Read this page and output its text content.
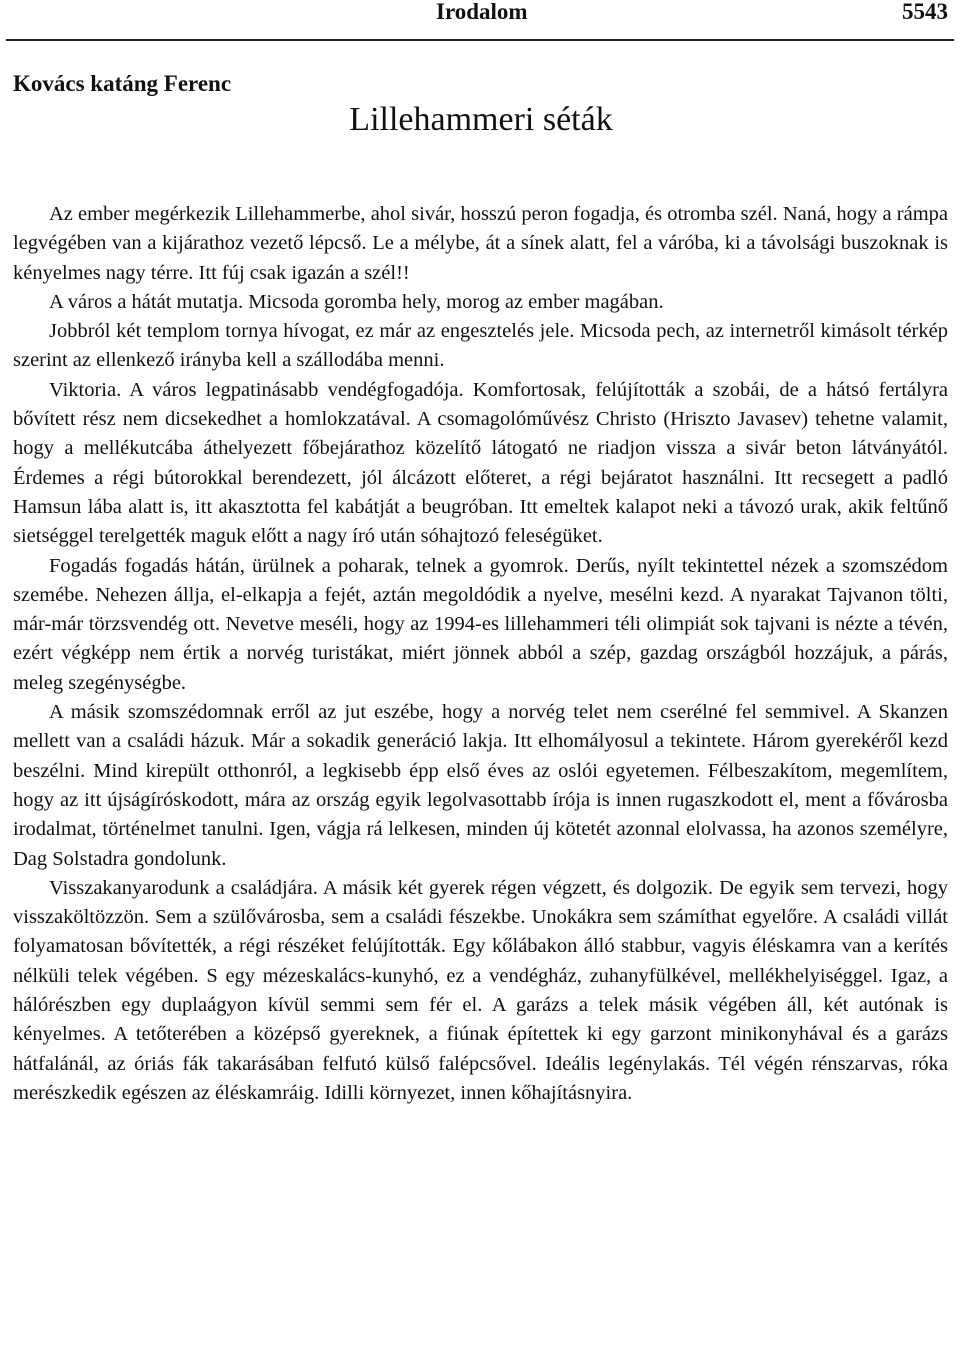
Irodalom	5543
Kovács katáng Ferenc
Lillehammeri séták

Az ember megérkezik Lillehammerbe, ahol sivár, hosszú peron fogadja, és otromba szél. Naná, hogy a rámpa legvégében van a kijárathoz vezető lépcső. Le a mélybe, át a sínek alatt, fel a váróba, ki a távolsági buszoknak is kényelmes nagy térre. Itt fúj csak igazán a szél!!

A város a hátát mutatja. Micsoda goromba hely, morog az ember magában.

Jobbról két templom tornya hívogat, ez már az engesztelés jele. Micsoda pech, az internetről kimásolt térkép szerint az ellenkező irányba kell a szállodába menni.

Viktoria. A város legpatinásabb vendégfogadója. Komfortosak, felújították a szobái, de a hátsó fertályra bővített rész nem dicsekedhet a homlokzatával. A csomagolóművész Christo (Hriszto Javasev) tehetne valamit, hogy a mellékutcába áthelyezett főbejárathoz közelítő látogató ne riadjon vissza a sivár beton látványától. Érdemes a régi bútorokkal berendezett, jól álcázott előteret, a régi bejáratot használni. Itt recsegett a padló Hamsun lába alatt is, itt akasztotta fel kabátját a beugróban. Itt emeltek kalapot neki a távozó urak, akik feltűnő sietséggel terelgették maguk előtt a nagy író után sóhajtozó feleségüket.

Fogadás fogadás hátán, ürülnek a poharak, telnek a gyomrok. Derűs, nyílt tekintettel nézek a szomszédom szemébe. Nehezen állja, el-elkapja a fejét, aztán megoldódik a nyelve, mesélni kezd. A nyarakat Tajvanon tölti, már-már törzsvendég ott. Nevetve meséli, hogy az 1994-es lillehammeri téli olimpiát sok tajvani is nézte a tévén, ezért végképp nem értik a norvég turistákat, miért jönnek abból a szép, gazdag országból hozzájuk, a párás, meleg szegénységbe.

A másik szomszédomnak erről az jut eszébe, hogy a norvég telet nem cserélné fel semmivel. A Skanzen mellett van a családi házuk. Már a sokadik generáció lakja. Itt elhomályosul a tekintete. Három gyerekéről kezd beszélni. Mind kirepült otthonról, a legkisebb épp első éves az oslói egyetemen. Félbeszakítom, megemlítem, hogy az itt újságíróskodott, mára az ország egyik legolvasottabb írója is innen rugaszkodott el, ment a fővárosba irodalmat, történelmet tanulni. Igen, vágja rá lelkesen, minden új kötetét azonnal elolvassa, ha azonos személyre, Dag Solstadra gondolunk.

Visszakanyarodunk a családjára. A másik két gyerek régen végzett, és dolgozik. De egyik sem tervezi, hogy visszaköltözzön. Sem a szülővárosba, sem a családi fészekbe. Unokákra sem számíthat egyelőre. A családi villát folyamatosan bővítették, a régi részéket felújították. Egy kőlábakon álló stabbur, vagyis éléskamra van a kerítés nélküli telek végében. S egy mézeskalács-kunyhó, ez a vendégház, zuhanyfülkével, mellékhelyiséggel. Igaz, a hálórészben egy duplaágyon kívül semmi sem fér el. A garázs a telek másik végében áll, két autónak is kényelmes. A tetőterében a középső gyereknek, a fiúnak építettek ki egy garzont minikonyhával és a garázs hátfalánál, az óriás fák takarásában felfutó külső falépcsővel. Ideális legénylakás. Tél végén rénszarvas, róka merészkedik egészen az éléskamráig. Idilli környezet, innen kőhajításnyira.
